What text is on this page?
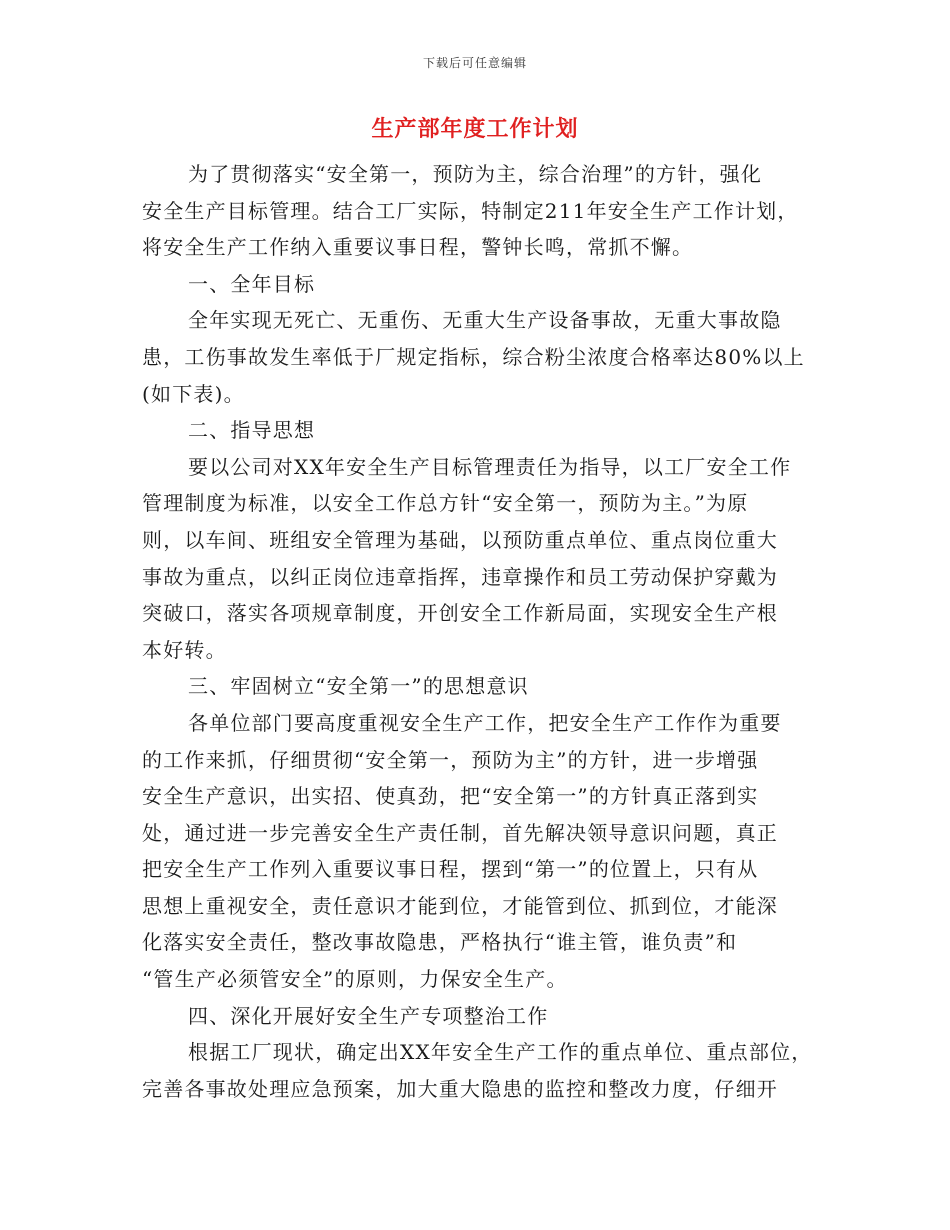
下载后可任意编辑
生产部年度工作计划

为了贯彻落实“安全第一，预防为主，综合治理”的方针，强化
安全生产目标管理。结合工厂实际，特制定211年安全生产工作计划，
将安全生产工作纳入重要议事日程，警钟长鸣，常抓不懈。

一、全年目标

全年实现无死亡、无重伤、无重大生产设备事故，无重大事故隐
患，工伤事故发生率低于厂规定指标，综合粉尘浓度合格率达80%以上
(如下表)。

二、指导思想

要以公司对XX年安全生产目标管理责任为指导，以工厂安全工作
管理制度为标准，以安全工作总方针“安全第一，预防为主。”为原
则，以车间、班组安全管理为基础，以预防重点单位、重点岗位重大
事故为重点，以纠正岗位违章指挥，违章操作和员工劳动保护穿戴为
突破口，落实各项规章制度，开创安全工作新局面，实现安全生产根
本好转。

三、牢固树立“安全第一”的思想意识

各单位部门要高度重视安全生产工作，把安全生产工作作为重要
的工作来抓，仔细贯彻“安全第一，预防为主”的方针，进一步增强
安全生产意识，出实招、使真劲，把“安全第一”的方针真正落到实
处，通过进一步完善安全生产责任制，首先解决领导意识问题，真正
把安全生产工作列入重要议事日程，摆到“第一”的位置上，只有从
思想上重视安全，责任意识才能到位，才能管到位、抓到位，才能深
化落实安全责任，整改事故隐患，严格执行“谁主管，谁负责”和
“管生产必须管安全”的原则，力保安全生产。

四、深化开展好安全生产专项整治工作

根据工厂现状，确定出XX年安全生产工作的重点单位、重点部位，
完善各事故处理应急预案，加大重大隐患的监控和整改力度，仔细开
